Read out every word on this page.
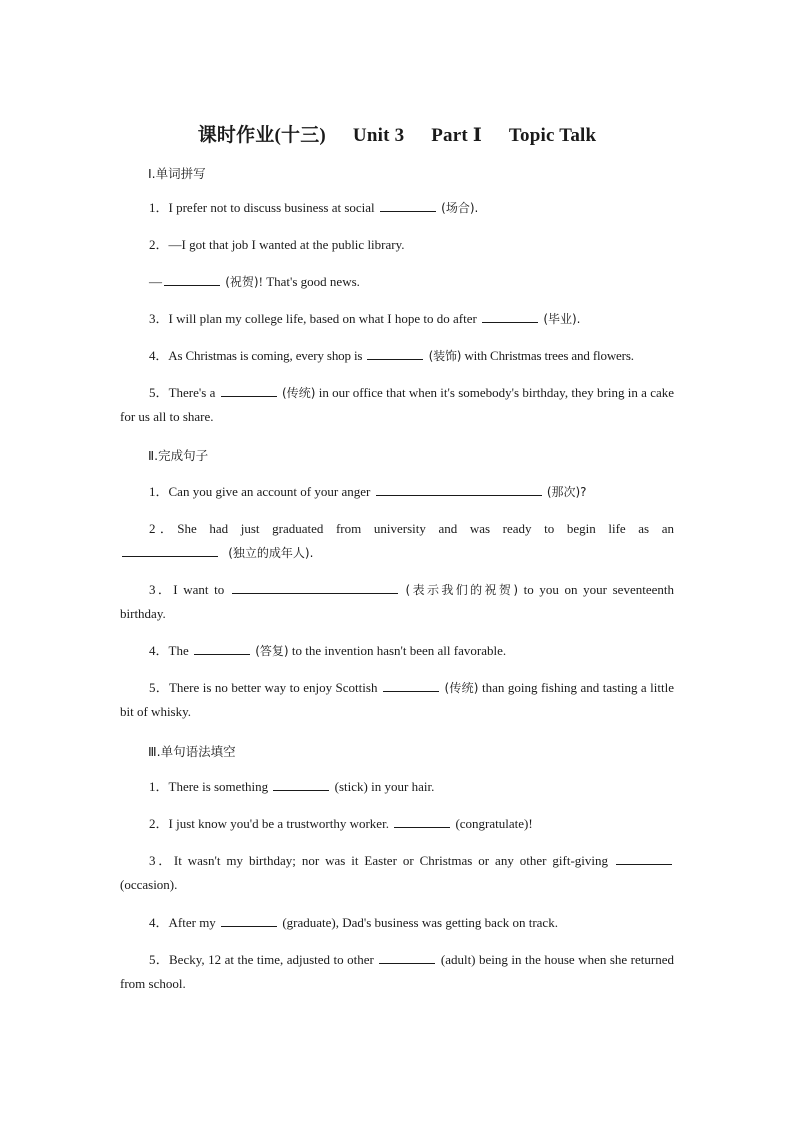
课时作业(十三) Unit 3 Part Ⅰ Topic Talk
Ⅰ.单词拼写
1．I prefer not to discuss business at social	(场合).
2．—I got that job I wanted at the public library.
—	(祝贺)! That's good news.
3．I will plan my college life, based on what I hope to do after	(毕业).
4．As Christmas is coming, every shop is	(装饰) with Christmas trees and flowers.
5．There's a	(传统) in our office that when it's somebody's birthday, they bring in a cake for us all to share.
Ⅱ.完成句子
1．Can you give an account of your anger	(那次)?
2．She had just graduated from university and was ready to begin life as an  (独立的成年人).
3．I want to	(表示我们的祝贺) to you on your seventeenth birthday.
4．The	(答复) to the invention hasn't been all favorable.
5．There is no better way to enjoy Scottish	(传统) than going fishing and tasting a little bit of whisky.
Ⅲ.单句语法填空
1．There is something	(stick) in your hair.
2．I just know you'd be a trustworthy worker.	(congratulate)!
3．It wasn't my birthday; nor was it Easter or Christmas or any other gift-giving  (occasion).
4．After my	(graduate), Dad's business was getting back on track.
5．Becky, 12 at the time, adjusted to other	(adult) being in the house when she returned from school.
